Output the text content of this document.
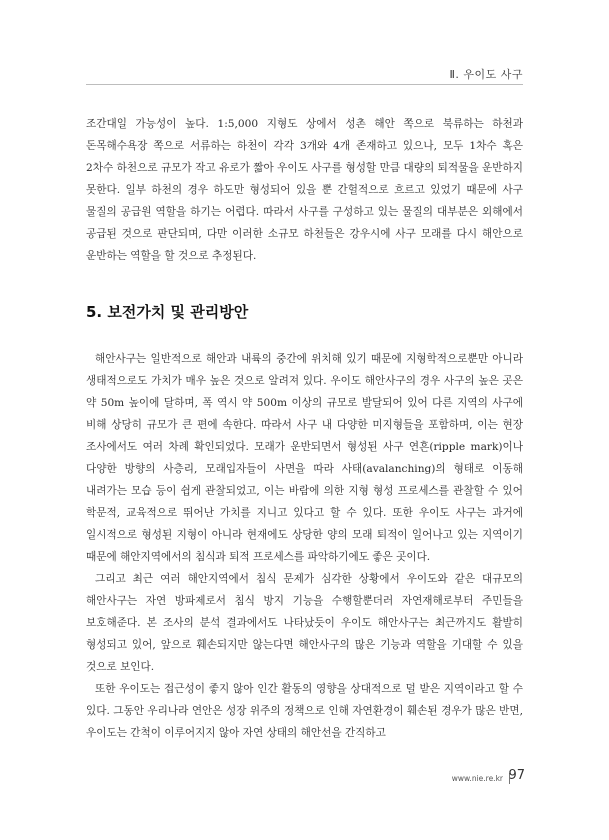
Ⅱ. 우이도 사구

조간대일 가능성이 높다. 1:5,000 지형도 상에서 성촌 해안 쪽으로 북류하는 하천과 돈목해수욕장 쪽으로 서류하는 하천이 각각 3개와 4개 존재하고 있으나, 모두 1차수 혹은 2차수 하천으로 규모가 작고 유로가 짧아 우이도 사구를 형성할 만큼 대량의 퇴적물을 운반하지 못한다. 일부 하천의 경우 하도만 형성되어 있을 뿐 간헐적으로 흐르고 있었기 때문에 사구 물질의 공급원 역할을 하기는 어렵다. 따라서 사구를 구성하고 있는 물질의 대부분은 외해에서 공급된 것으로 판단되며, 다만 이러한 소규모 하천들은 강우시에 사구 모래를 다시 해안으로 운반하는 역할을 할 것으로 추정된다.

5. 보전가치 및 관리방안

해안사구는 일반적으로 해안과 내륙의 중간에 위치해 있기 때문에 지형학적으로뿐만 아니라 생태적으로도 가치가 매우 높은 것으로 알려져 있다. 우이도 해안사구의 경우 사구의 높은 곳은 약 50m 높이에 달하며, 폭 역시 약 500m 이상의 규모로 발달되어 있어 다른 지역의 사구에 비해 상당히 규모가 큰 편에 속한다. 따라서 사구 내 다양한 미지형들을 포함하며, 이는 현장 조사에서도 여러 차례 확인되었다. 모래가 운반되면서 형성된 사구 연흔(ripple mark)이나 다양한 방향의 사층리, 모래입자들이 사면을 따라 사태(avalanching)의 형태로 이동해 내려가는 모습 등이 쉽게 관찰되었고, 이는 바람에 의한 지형 형성 프로세스를 관찰할 수 있어 학문적, 교육적으로 뛰어난 가치를 지니고 있다고 할 수 있다. 또한 우이도 사구는 과거에 일시적으로 형성된 지형이 아니라 현재에도 상당한 양의 모래 퇴적이 일어나고 있는 지역이기 때문에 해안지역에서의 침식과 퇴적 프로세스를 파악하기에도 좋은 곳이다.

그리고 최근 여러 해안지역에서 침식 문제가 심각한 상황에서 우이도와 같은 대규모의 해안사구는 자연 방파제로서 침식 방지 기능을 수행할뿐더러 자연재해로부터 주민들을 보호해준다. 본 조사의 분석 결과에서도 나타났듯이 우이도 해안사구는 최근까지도 활발히 형성되고 있어, 앞으로 훼손되지만 않는다면 해안사구의 많은 기능과 역할을 기대할 수 있을 것으로 보인다.

또한 우이도는 접근성이 좋지 않아 인간 활동의 영향을 상대적으로 덜 받은 지역이라고 할 수 있다. 그동안 우리나라 연안은 성장 위주의 정책으로 인해 자연환경이 훼손된 경우가 많은 반면, 우이도는 간척이 이루어지지 않아 자연 상태의 해안선을 간직하고

www.nie.re.kr 97
